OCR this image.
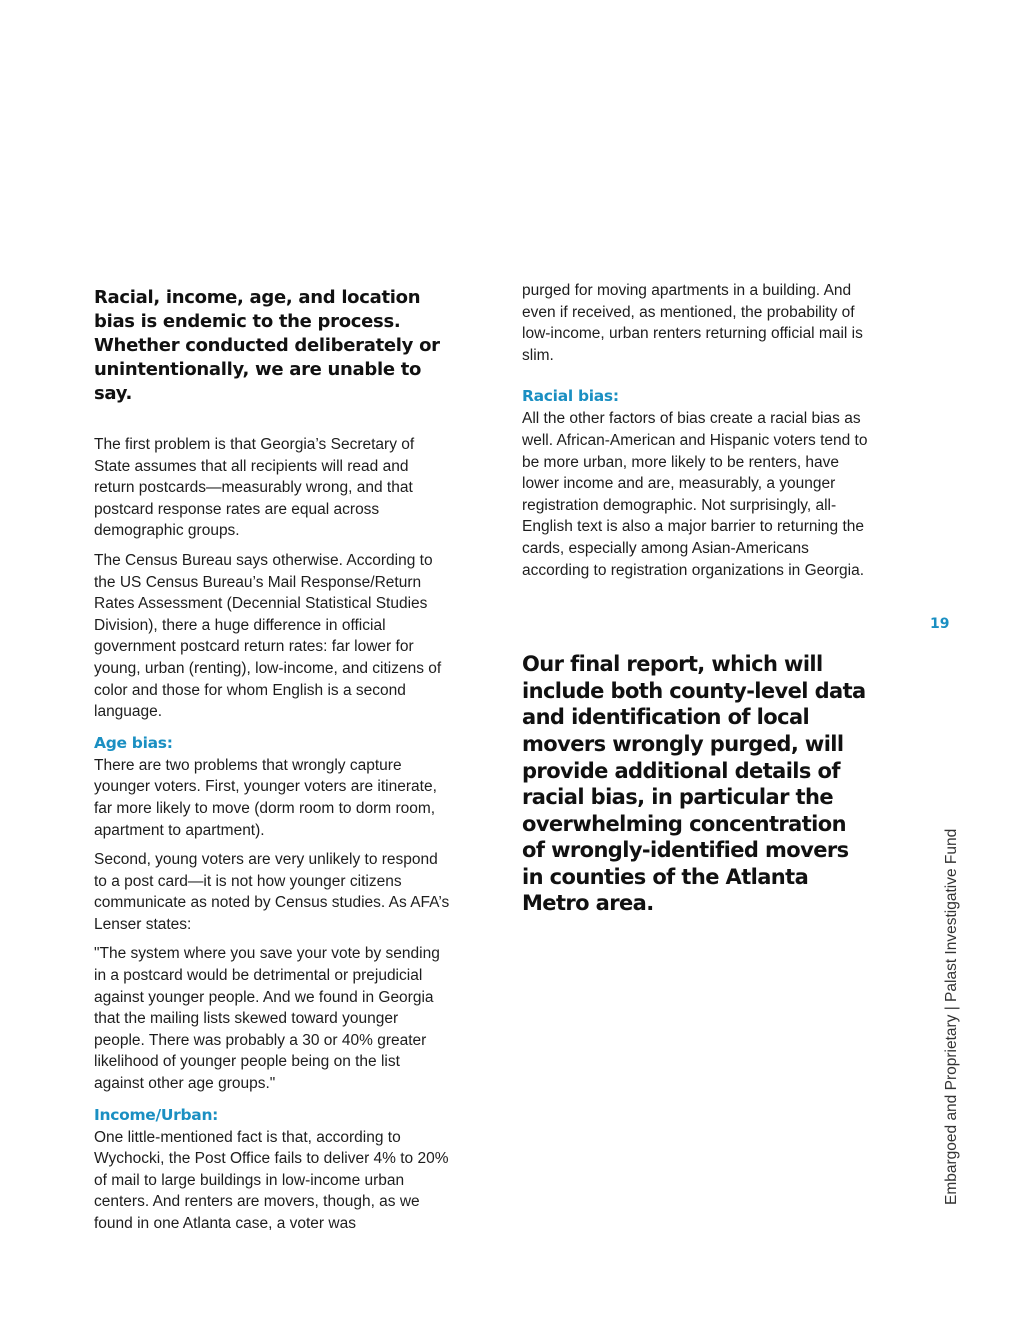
Racial, income, age, and location bias is endemic to the process. Whether conducted deliberately or unintentionally, we are unable to say.

The first problem is that Georgia’s Secretary of State assumes that all recipients will read and return postcards—measurably wrong, and that postcard response rates are equal across demographic groups.

The Census Bureau says otherwise. According to the US Census Bureau’s Mail Response/Return Rates Assessment (Decennial Statistical Studies Division), there a huge difference in official government postcard return rates: far lower for young, urban (renting), low-income, and citizens of color and those for whom English is a second language.

Age bias:

There are two problems that wrongly capture younger voters. First, younger voters are itinerate, far more likely to move (dorm room to dorm room, apartment to apartment).

Second, young voters are very unlikely to respond to a post card—it is not how younger citizens communicate as noted by Census studies. As AFA’s Lenser states:

"The system where you save your vote by sending in a postcard would be detrimental or prejudicial against younger people. And we found in Georgia that the mailing lists skewed toward younger people. There was probably a 30 or 40% greater likelihood of younger people being on the list against other age groups."

Income/Urban:

One little-mentioned fact is that, according to Wychocki, the Post Office fails to deliver 4% to 20% of mail to large buildings in low-income urban centers. And renters are movers, though, as we found in one Atlanta case, a voter was

purged for moving apartments in a building. And even if received, as mentioned, the probability of low-income, urban renters returning official mail is slim.

Racial bias:

All the other factors of bias create a racial bias as well. African-American and Hispanic voters tend to be more urban, more likely to be renters, have lower income and are, measurably, a younger registration demographic. Not surprisingly, all-English text is also a major barrier to returning the cards, especially among Asian-Americans according to registration organizations in Georgia.

Our final report, which will include both county-level data and identification of local movers wrongly purged, will provide additional details of racial bias, in particular the overwhelming concentration of wrongly-identified movers in counties of the Atlanta Metro area.
19
Embargoed and Proprietary | Palast Investigative Fund
